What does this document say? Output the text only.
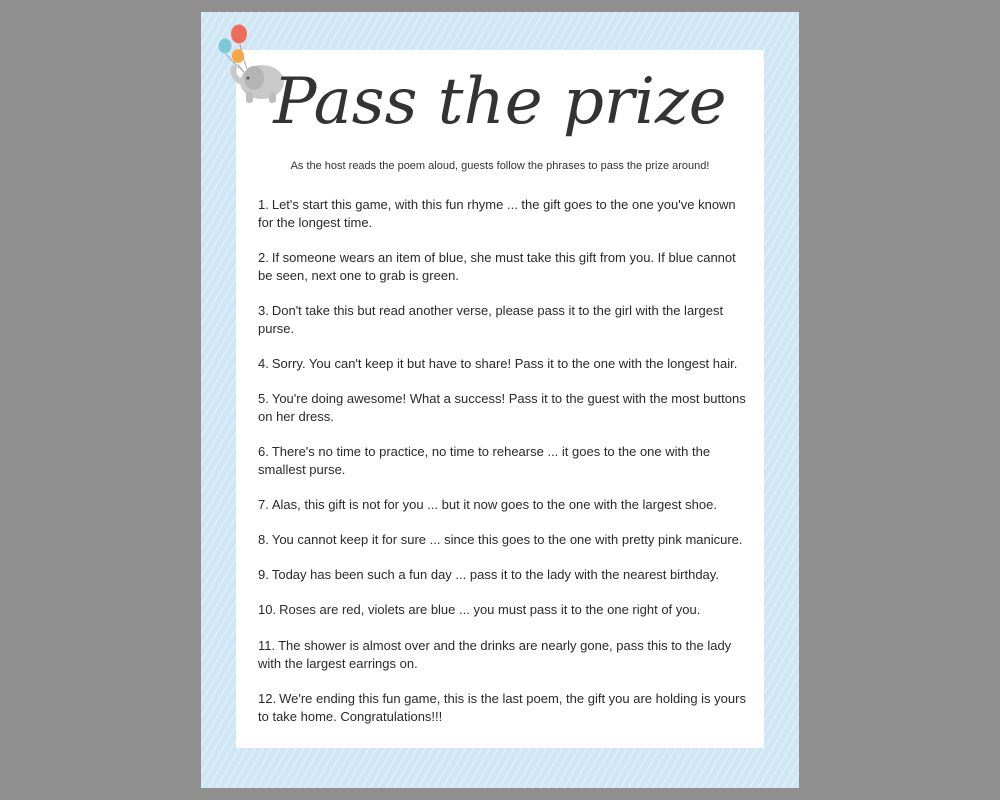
Pass the prize

As the host reads the poem aloud, guests follow the phrases to pass the prize around!

1. Let's start this game, with this fun rhyme ... the gift goes to the one you've known for the longest time.
2. If someone wears an item of blue, she must take this gift from you. If blue cannot be seen, next one to grab is green.
3. Don't take this but read another verse, please pass it to the girl with the largest purse.
4. Sorry. You can't keep it but have to share! Pass it to the one with the longest hair.
5. You're doing awesome! What a success! Pass it to the guest with the most buttons on her dress.
6. There's no time to practice, no time to rehearse ... it goes to the one with the smallest purse.
7. Alas, this gift is not for you ... but it now goes to the one with the largest shoe.
8. You cannot keep it for sure ... since this goes to the one with pretty pink manicure.
9. Today has been such a fun day ... pass it to the lady with the nearest birthday.
10. Roses are red, violets are blue ... you must pass it to the one right of you.
11. The shower is almost over and the drinks are nearly gone, pass this to the lady with the largest earrings on.
12. We're ending this fun game, this is the last poem, the gift you are holding is yours to take home. Congratulations!!!
